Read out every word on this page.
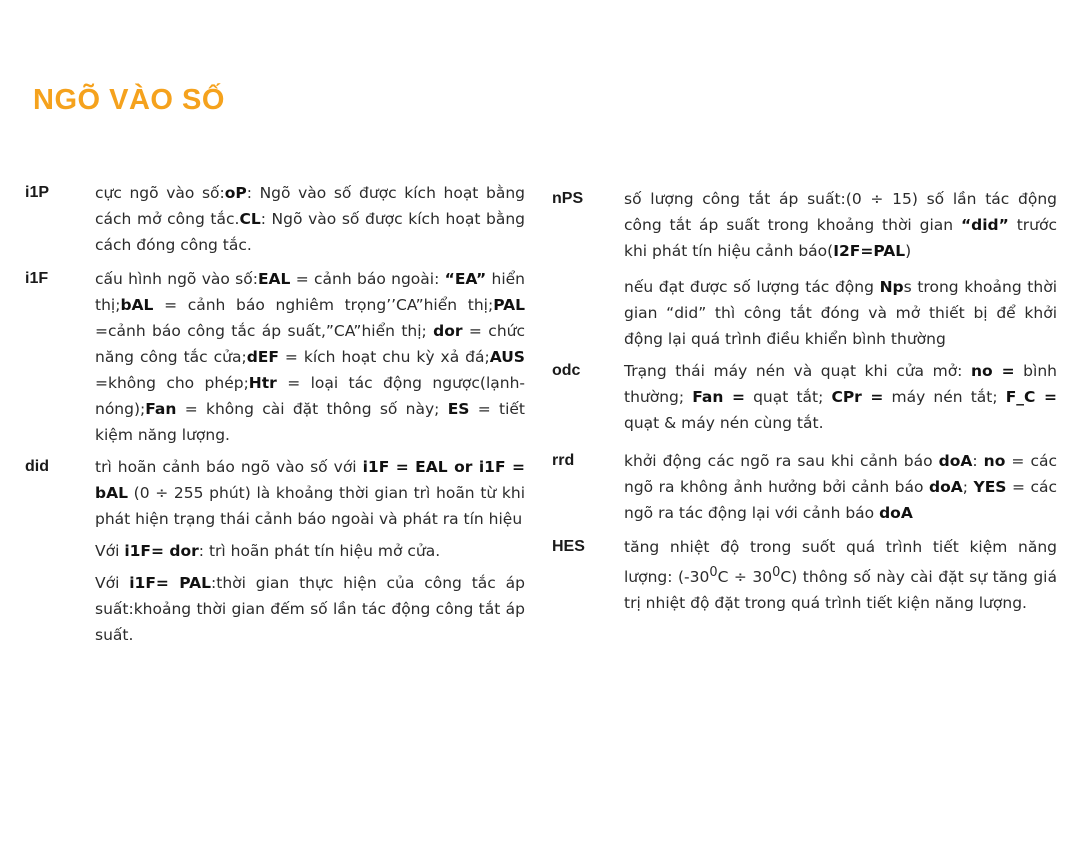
NGÕ VÀO SỐ
i1P	cực ngõ vào số:oP: Ngõ vào số được kích hoạt bằng cách mở công tắc.CL: Ngõ vào số được kích hoạt bằng cách đóng công tắc.

i1F	cấu hình ngõ vào số:EAL = cảnh báo ngoài: “EA” hiển thị;bAL = cảnh báo nghiêm trọng’’CA”hiển thị;PAL =cảnh báo công tắc áp suất,”CA”hiển thị; dor = chức năng công tắc cửa;dEF = kích hoạt chu kỳ xả đá;AUS =không cho phép;Htr = loại tác động ngược(lạnh-nóng);Fan = không cài đặt thông số này; ES = tiết kiệm năng lượng.

did	trì hoãn cảnh báo ngõ vào số với i1F = EAL or i1F = bAL (0 ÷ 255 phút) là khoảng thời gian trì hoãn từ khi phát hiện trạng thái cảnh báo ngoài và phát ra tín hiệu

Với i1F= dor: trì hoãn phát tín hiệu mở cửa.

Với i1F= PAL:thời gian thực hiện của công tắc áp suất:khoảng thời gian đếm số lần tác động công tắt áp suất.

nPS	số lượng công tắt áp suất:(0 ÷ 15) số lần tác động công tắt áp suất trong khoảng thời gian “did” trước khi phát tín hiệu cảnh báo(I2F=PAL)

nếu đạt được số lượng tác động Nps trong khoảng thời gian “did” thì công tắt đóng và mở thiết bị để khởi động lại quá trình điều khiển bình thường

odc	Trạng thái máy nén và quạt khi cửa mở: no = bình thường; Fan = quạt tắt; CPr = máy nén tắt; F_C = quạt & máy nén cùng tắt.

rrd	khởi động các ngõ ra sau khi cảnh báo doA: no = các ngõ ra không ảnh hưởng bởi cảnh báo doA; YES = các ngõ ra tác động lại với cảnh báo doA

HES	tăng nhiệt độ trong suốt quá trình tiết kiệm năng lượng: $(-30^0C \div 30^0C)$ thông số này cài đặt sự tăng giá trị nhiệt độ đặt trong quá trình tiết kiện năng lượng.
